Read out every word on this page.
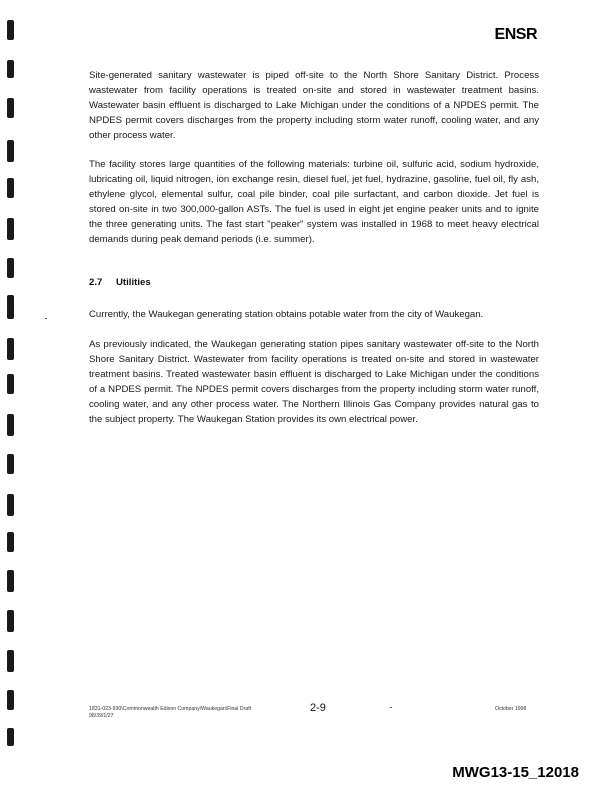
ENSR

Site-generated sanitary wastewater is piped off-site to the North Shore Sanitary District. Process wastewater from facility operations is treated on-site and stored in wastewater treatment basins. Wastewater basin effluent is discharged to Lake Michigan under the conditions of a NPDES permit. The NPDES permit covers discharges from the property including storm water runoff, cooling water, and any other process water.

The facility stores large quantities of the following materials: turbine oil, sulfuric acid, sodium hydroxide, lubricating oil, liquid nitrogen, ion exchange resin, diesel fuel, jet fuel, hydrazine, gasoline, fuel oil, fly ash, ethylene glycol, elemental sulfur, coal pile binder, coal pile surfactant, and carbon dioxide. Jet fuel is stored on-site in two 300,000-gallon ASTs. The fuel is used in eight jet engine peaker units and to ignite the three generating units. The fast start "peaker" system was installed in 1968 to meet heavy electrical demands during peak demand periods (i.e. summer).

2.7 Utilities

Currently, the Waukegan generating station obtains potable water from the city of Waukegan.

As previously indicated, the Waukegan generating station pipes sanitary wastewater off-site to the North Shore Sanitary District. Wastewater from facility operations is treated on-site and stored in wastewater treatment basins. Treated wastewater basin effluent is discharged to Lake Michigan under the conditions of a NPDES permit. The NPDES permit covers discharges from the property including storm water runoff, cooling water, and any other process water. The Northern Illinois Gas Company provides natural gas to the subject property. The Waukegan Station provides its own electrical power.

1831-023-930\Commonwealth Edison Company\Waukegan\Final Draft
98/39/1/27
2-9	October 1998
MWG13-15_12018
